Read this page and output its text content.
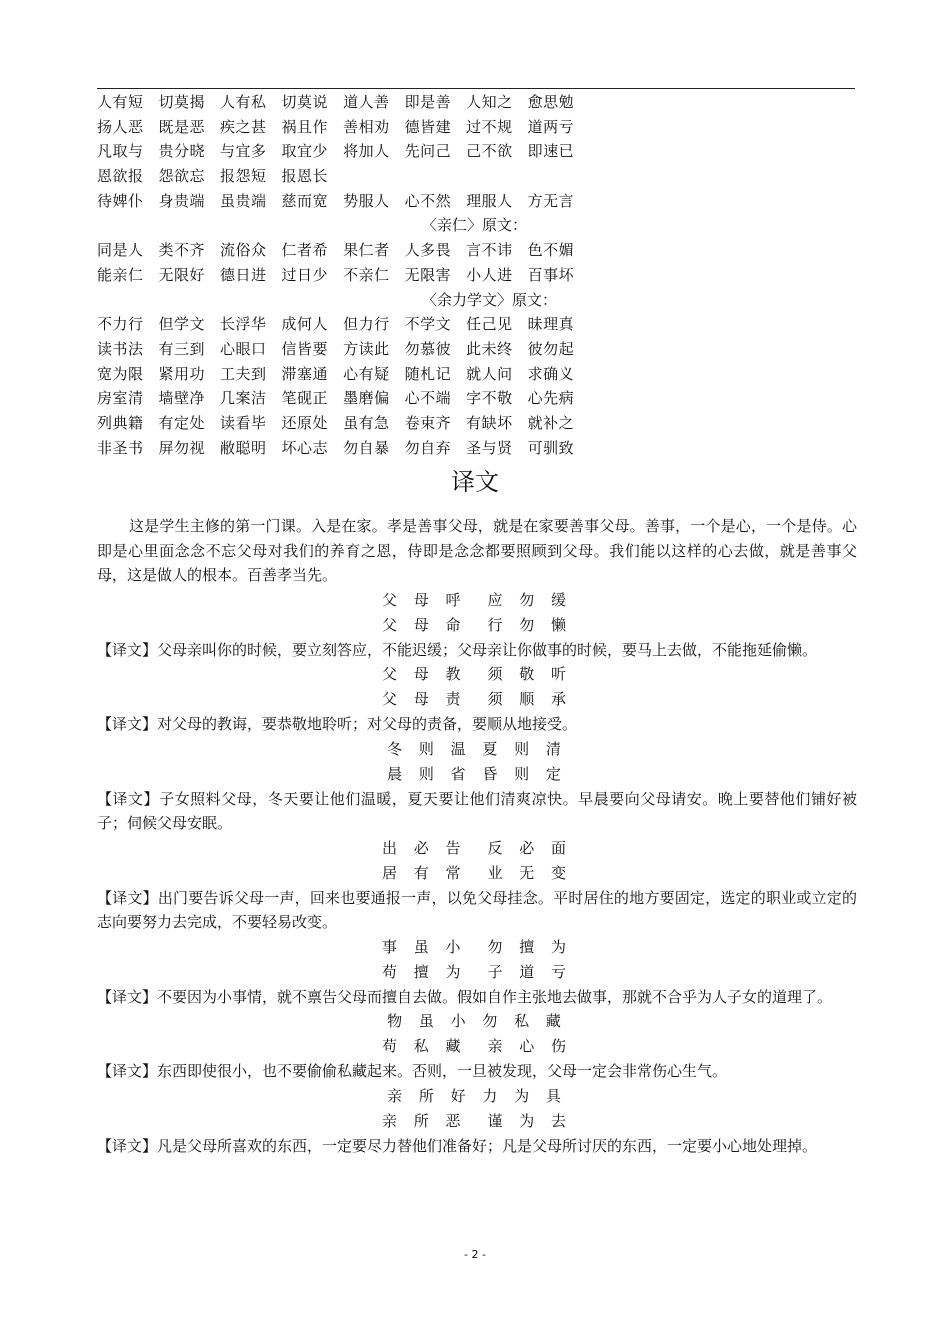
人有短 切莫揭 人有私 切莫说 道人善 即是善 人知之 愈思勉
扬人恶 既是恶 疾之甚 祸且作 善相劝 德皆建 过不规 道两亏
凡取与 贵分晓 与宜多 取宜少 将加人 先问己 己不欲 即速已
恩欲报 怨欲忘 报怨短 报恩长
待婢仆 身贵端 虽贵端 慈而宽 势服人 心不然 理服人 方无言
〈亲仁〉原文：
同是人 类不齐 流俗众 仁者希 果仁者 人多畏 言不讳 色不媚
能亲仁 无限好 德日进 过日少 不亲仁 无限害 小人进 百事坏
〈余力学文〉原文：
不力行 但学文 长浮华 成何人 但力行 不学文 任己见 昧理真
读书法 有三到 心眼口 信皆要 方读此 勿慕彼 此未终 彼勿起
宽为限 紧用功 工夫到 滞塞通 心有疑 随札记 就人问 求确义
房室清 墙壁净 几案洁 笔砚正 墨磨偏 心不端 字不敬 心先病
列典籍 有定处 读看毕 还原处 虽有急 卷束齐 有缺坏 就补之
非圣书 屏勿视 敝聪明 坏心志 勿自暴 勿自弃 圣与贤 可驯致
译文

这是学生主修的第一门课。入是在家。孝是善事父母，就是在家要善事父母。善事，一个是心，一个是侍。心即是心里面念念不忘父母对我们的养育之恩，侍即是念念都要照顾到父母。我们能以这样的心去做，就是善事父母，这是做人的根本。百善孝当先。

父 母 呼　应 勿 缓

父 母 命　行 勿 懒

【译文】父母亲叫你的时候，要立刻答应，不能迟缓；父母亲让你做事的时候，要马上去做，不能拖延偷懒。

父 母 教　须 敬 听

父 母 责　须 顺 承

【译文】对父母的教诲，要恭敬地聆听；对父母的责备，要顺从地接受。

冬 则 温 夏 则 清

晨 则 省 昏 则 定

【译文】子女照料父母，冬天要让他们温暖，夏天要让他们清爽凉快。早晨要向父母请安。晚上要替他们铺好被子；伺候父母安眠。

出 必 告　反 必 面

居 有 常　业 无 变

【译文】出门要告诉父母一声，回来也要通报一声，以免父母挂念。平时居住的地方要固定，选定的职业或立定的志向要努力去完成，不要轻易改变。

事 虽 小　勿 擅 为

苟 擅 为　子 道 亏

【译文】不要因为小事情，就不禀告父母而擅自去做。假如自作主张地去做事，那就不合乎为人子女的道理了。

物 虽 小 勿 私 藏

苟 私 藏　亲 心 伤

【译文】东西即使很小，也不要偷偷私藏起来。否则，一旦被发现，父母一定会非常伤心生气。

亲 所 好 力 为 具

亲 所 恶　谨 为 去

【译文】凡是父母所喜欢的东西，一定要尽力替他们准备好；凡是父母所讨厌的东西，一定要小心地处理掉。

- 2 -
